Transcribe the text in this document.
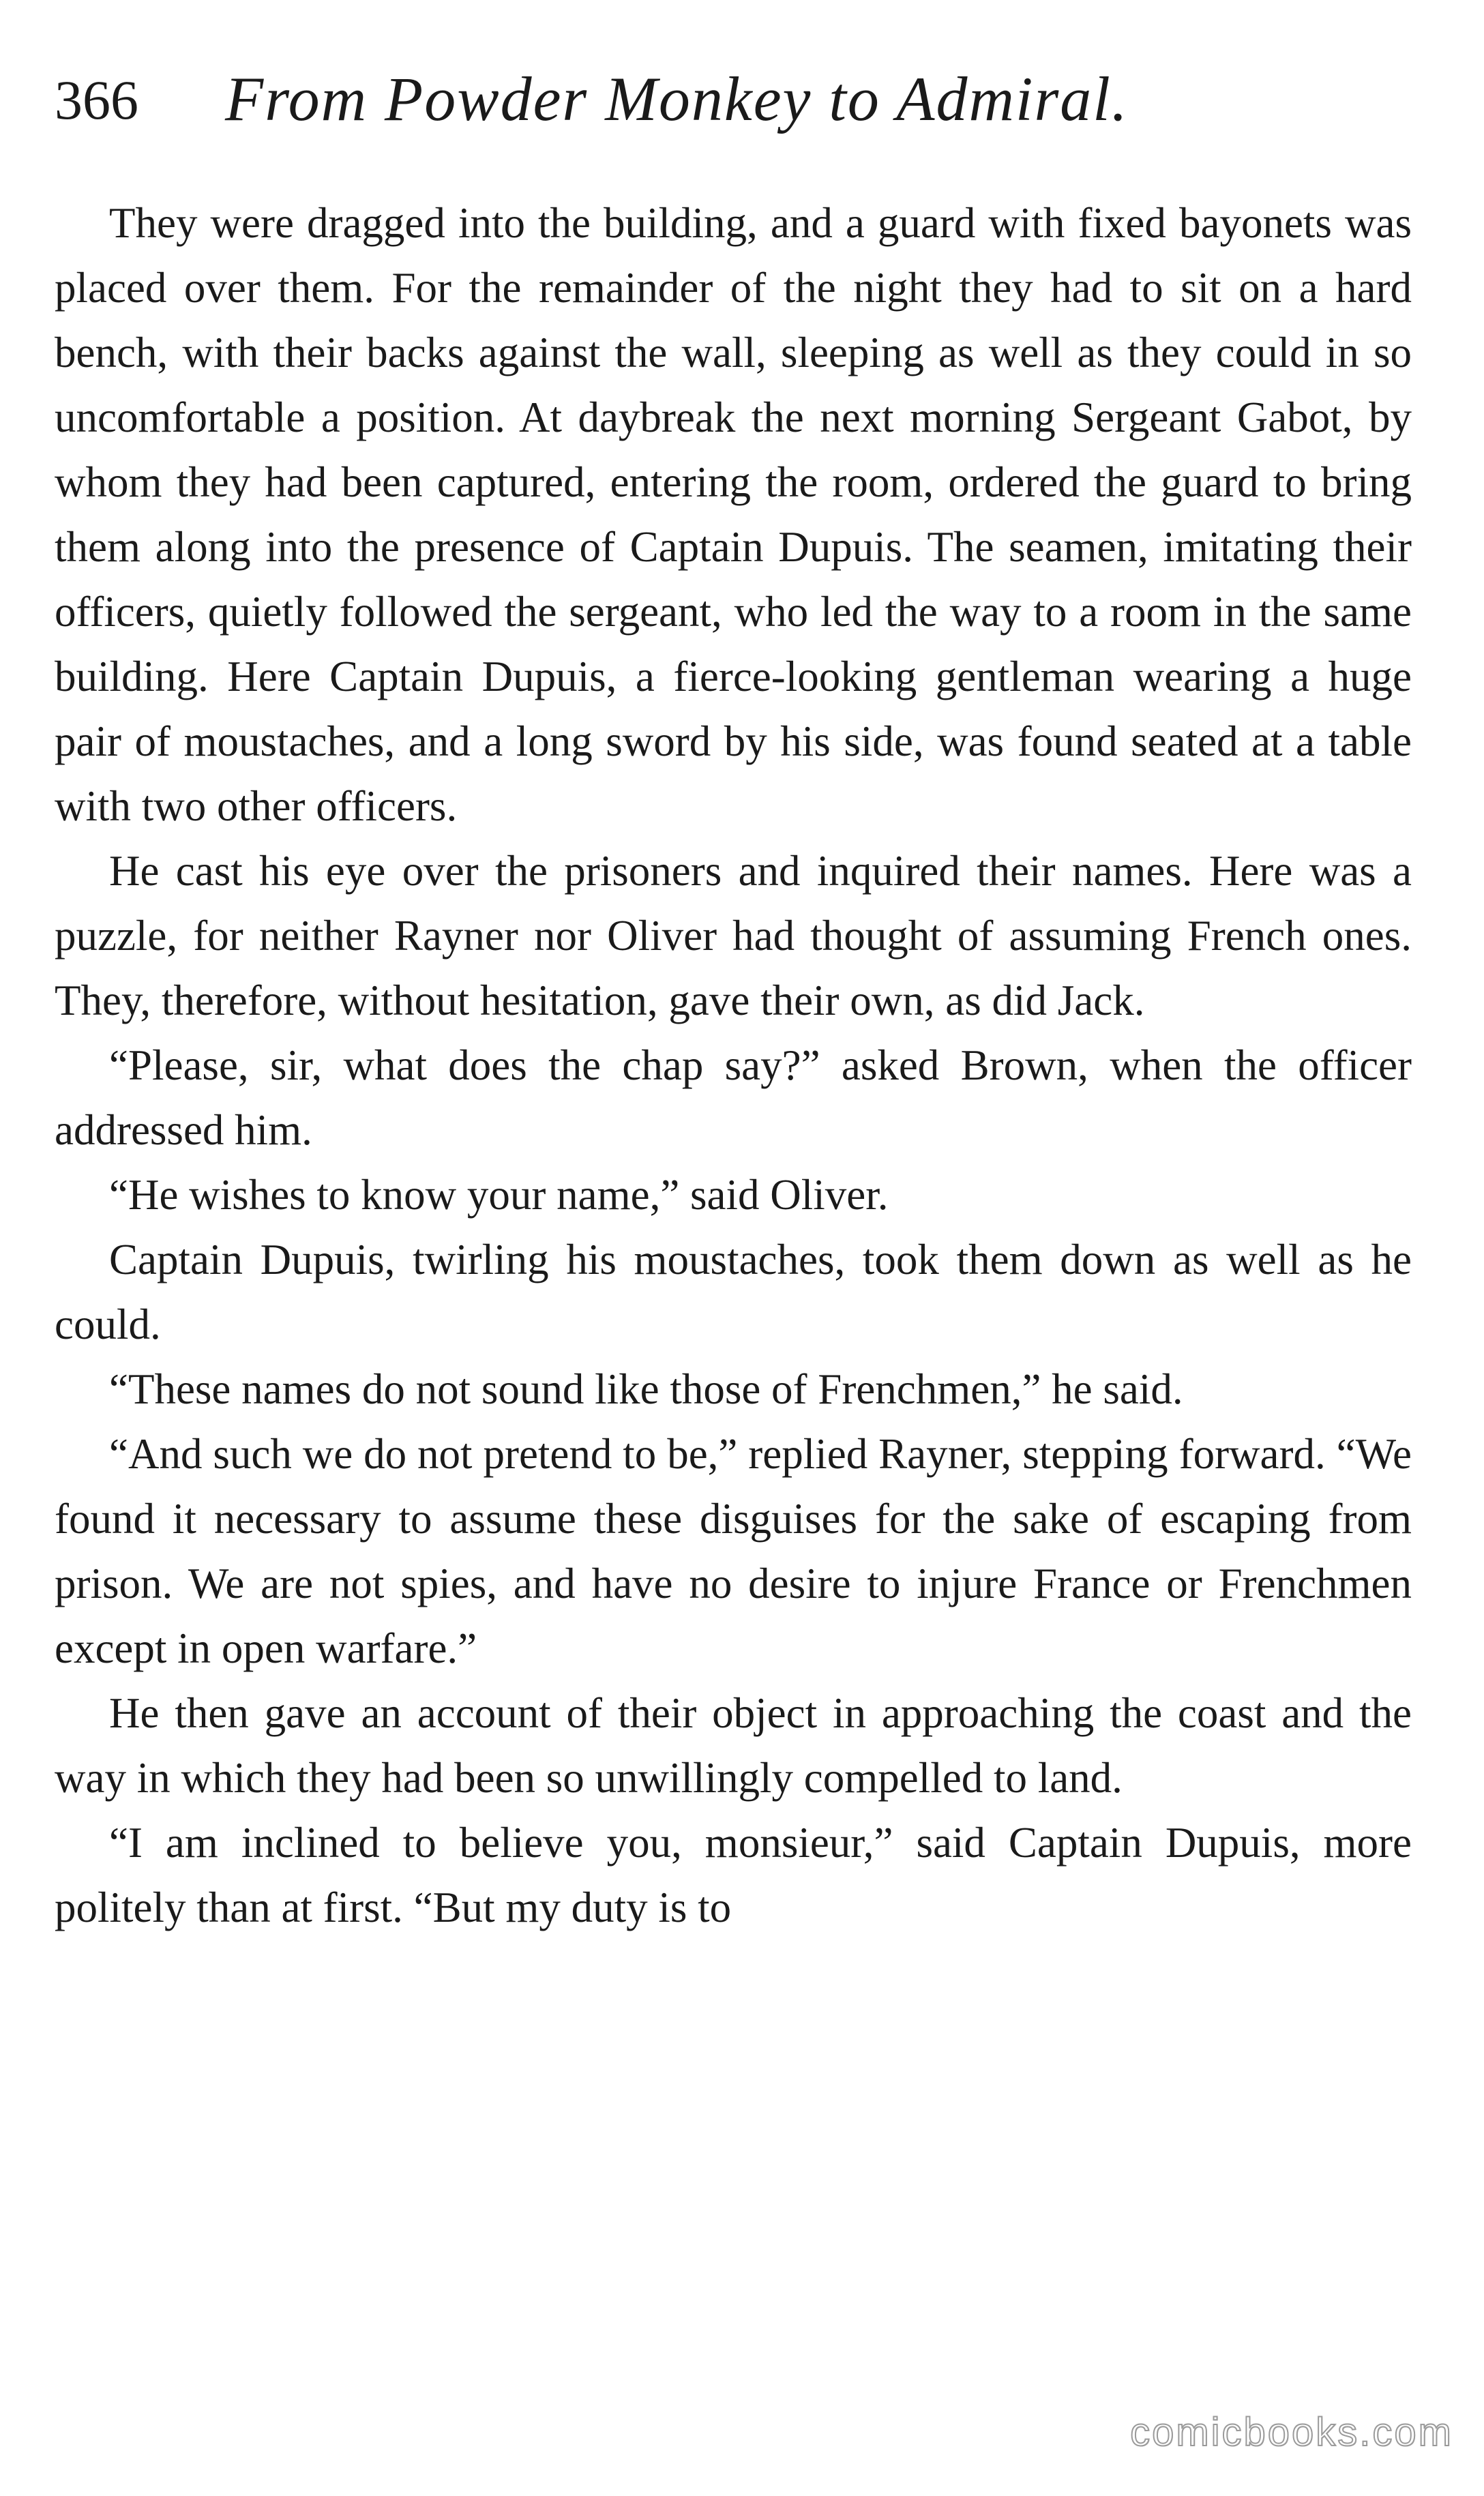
366 From Powder Monkey to Admiral.

They were dragged into the building, and a guard with fixed bayonets was placed over them. For the remainder of the night they had to sit on a hard bench, with their backs against the wall, sleeping as well as they could in so uncomfortable a position. At daybreak the next morning Sergeant Gabot, by whom they had been captured, entering the room, ordered the guard to bring them along into the presence of Captain Dupuis. The seamen, imitating their officers, quietly followed the sergeant, who led the way to a room in the same building. Here Captain Dupuis, a fierce-looking gentleman wearing a huge pair of moustaches, and a long sword by his side, was found seated at a table with two other officers.

He cast his eye over the prisoners and inquired their names. Here was a puzzle, for neither Rayner nor Oliver had thought of assuming French ones. They, therefore, without hesitation, gave their own, as did Jack.

“Please, sir, what does the chap say?” asked Brown, when the officer addressed him.

“He wishes to know your name,” said Oliver.

Captain Dupuis, twirling his moustaches, took them down as well as he could.

“These names do not sound like those of Frenchmen,” he said.

“And such we do not pretend to be,” replied Rayner, stepping forward. “We found it necessary to assume these disguises for the sake of escaping from prison. We are not spies, and have no desire to injure France or Frenchmen except in open warfare.”

He then gave an account of their object in approaching the coast and the way in which they had been so unwillingly compelled to land.

“I am inclined to believe you, monsieur,” said Captain Dupuis, more politely than at first. “But my duty is to

comicbooks.com
